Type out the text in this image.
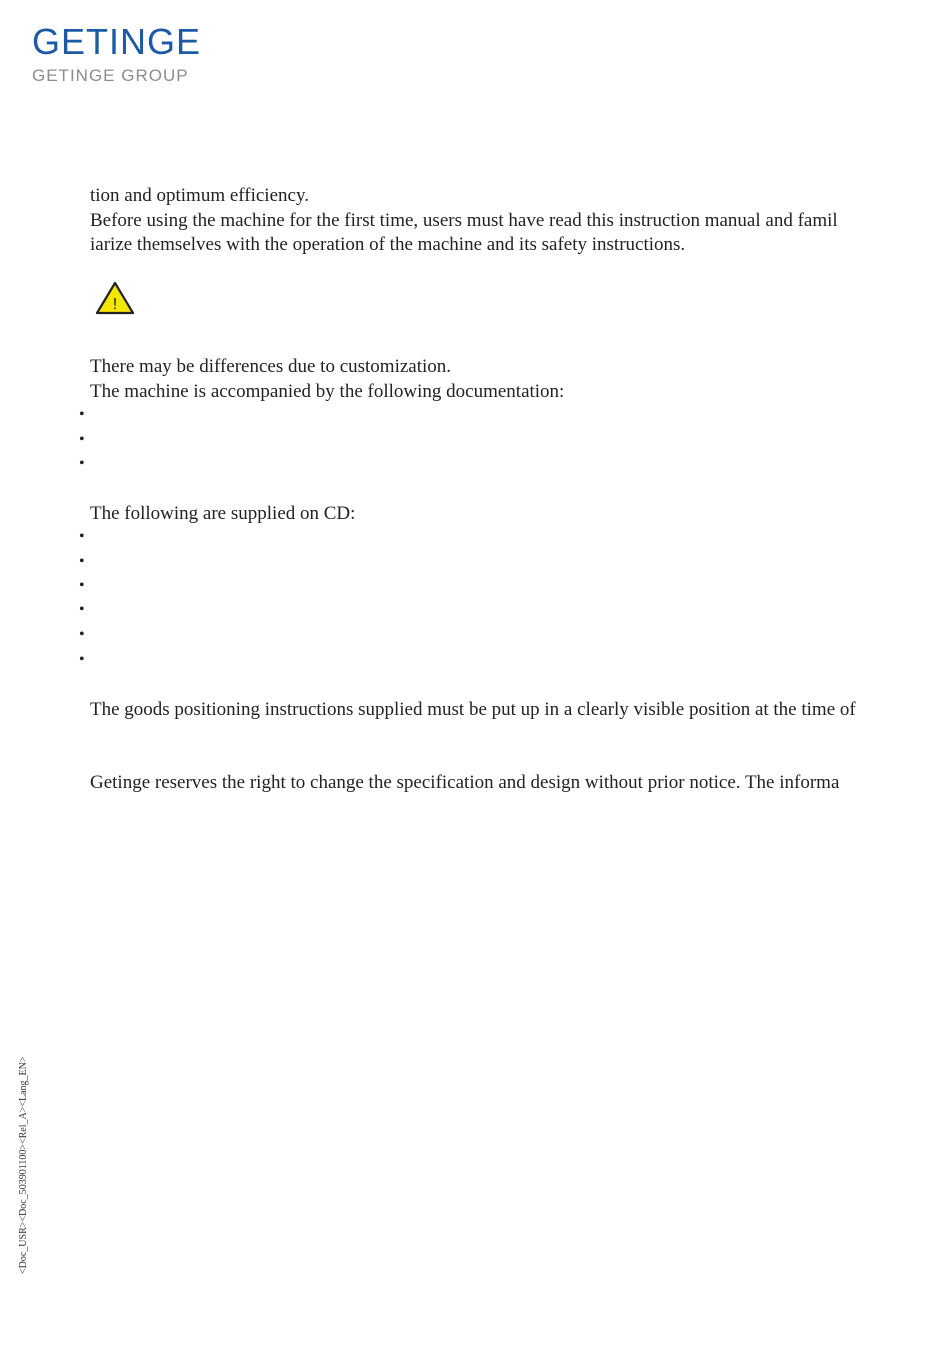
GETINGE
GETINGE GROUP
tion and optimum efficiency.
Before using the machine for the first time, users must have read this instruction manual and famil
iarize themselves with the operation of the machine and its safety instructions.
!
There may be differences due to customization.
The machine is accompanied by the following documentation:
•
•
•
The following are supplied on CD:
•
•
•
•
•
•
The goods positioning instructions supplied must be put up in a clearly visible position at the time of
Getinge reserves the right to change the specification and design without prior notice. The informa
<Doc_USR><Doc_503901100><Rel_A><Lang_EN>
